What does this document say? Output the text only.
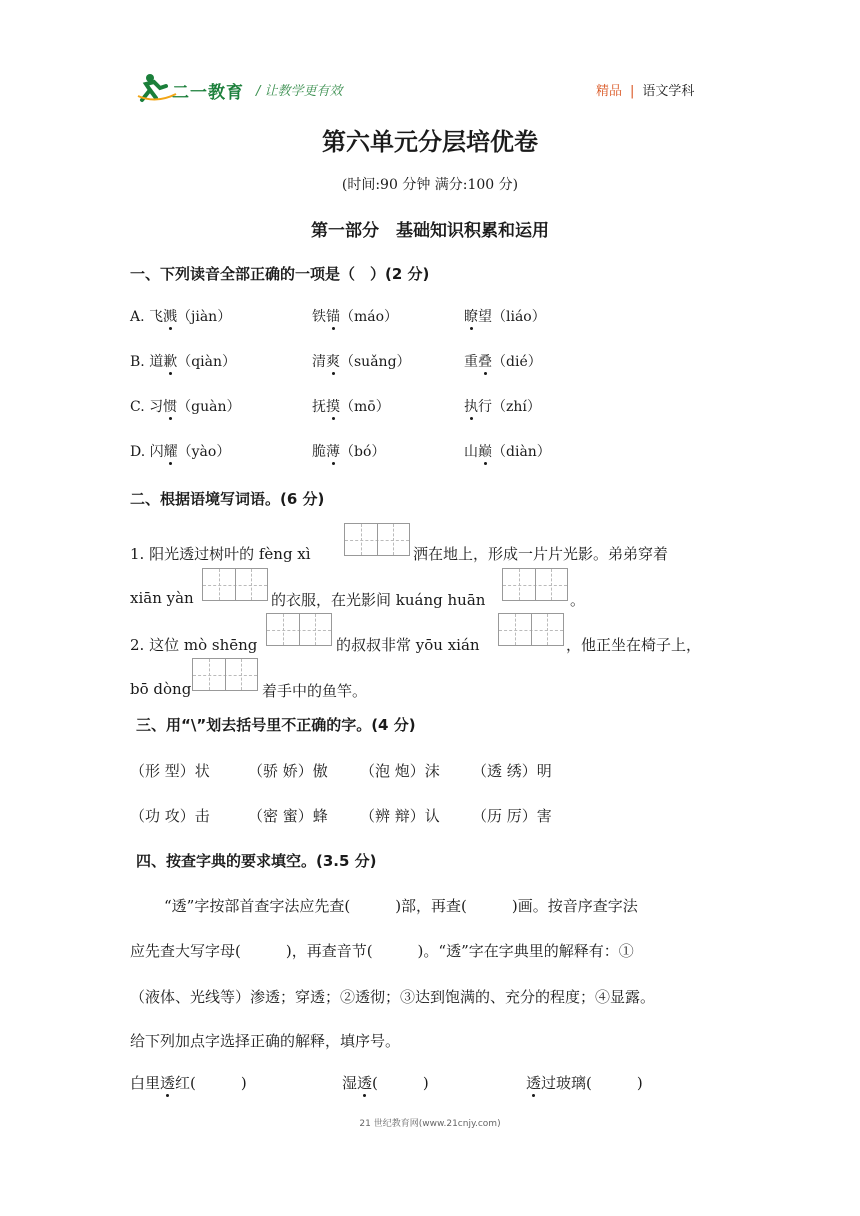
二一教育 / 让教学更有效	精品 | 语文学科
第六单元分层培优卷
(时间:90 分钟 满分:100 分)
第一部分　基础知识积累和运用
一、下列读音全部正确的一项是（　）(2 分)
A. 飞溅（jiàn）	铁锚（máo）	瞭望（liáo）
B. 道歉（qiàn）	清爽（suǎng）	重叠（dié）
C. 习惯（guàn）	抚摸（mō）	执行（zhí）
D. 闪耀（yào）	脆薄（bó）	山巅（diàn）
二、根据语境写词语。(6 分)
1. 阳光透过树叶的 fèng xì	洒在地上，形成一片片光影。弟弟穿着
xiān yàn	的衣服，在光影间 kuáng huān	。
2. 这位 mò shēng	的叔叔非常 yōu xián	，他正坐在椅子上，
bō dòng	着手中的鱼竿。
三、用“\”划去括号里不正确的字。(4 分)
（形 型）状	（骄 娇）傲 （泡 炮）沫 （透 绣）明
（功 攻）击	（密 蜜）蜂 （辨 辩）认 （历 厉）害
四、按查字典的要求填空。(3.5 分)
“透”字按部首查字法应先查(　　　)部，再查(　　　)画。按音序查字法
应先查大写字母(　　　)，再查音节(　　　)。“透”字在字典里的解释有：①
（液体、光线等）渗透；穿透；②透彻；③达到饱满的、充分的程度；④显露。
给下列加点字选择正确的解释，填序号。
白里透红(　　　)	湿透(　　　)	透过玻璃(　　　)
21 世纪教育网(www.21cnjy.com)
